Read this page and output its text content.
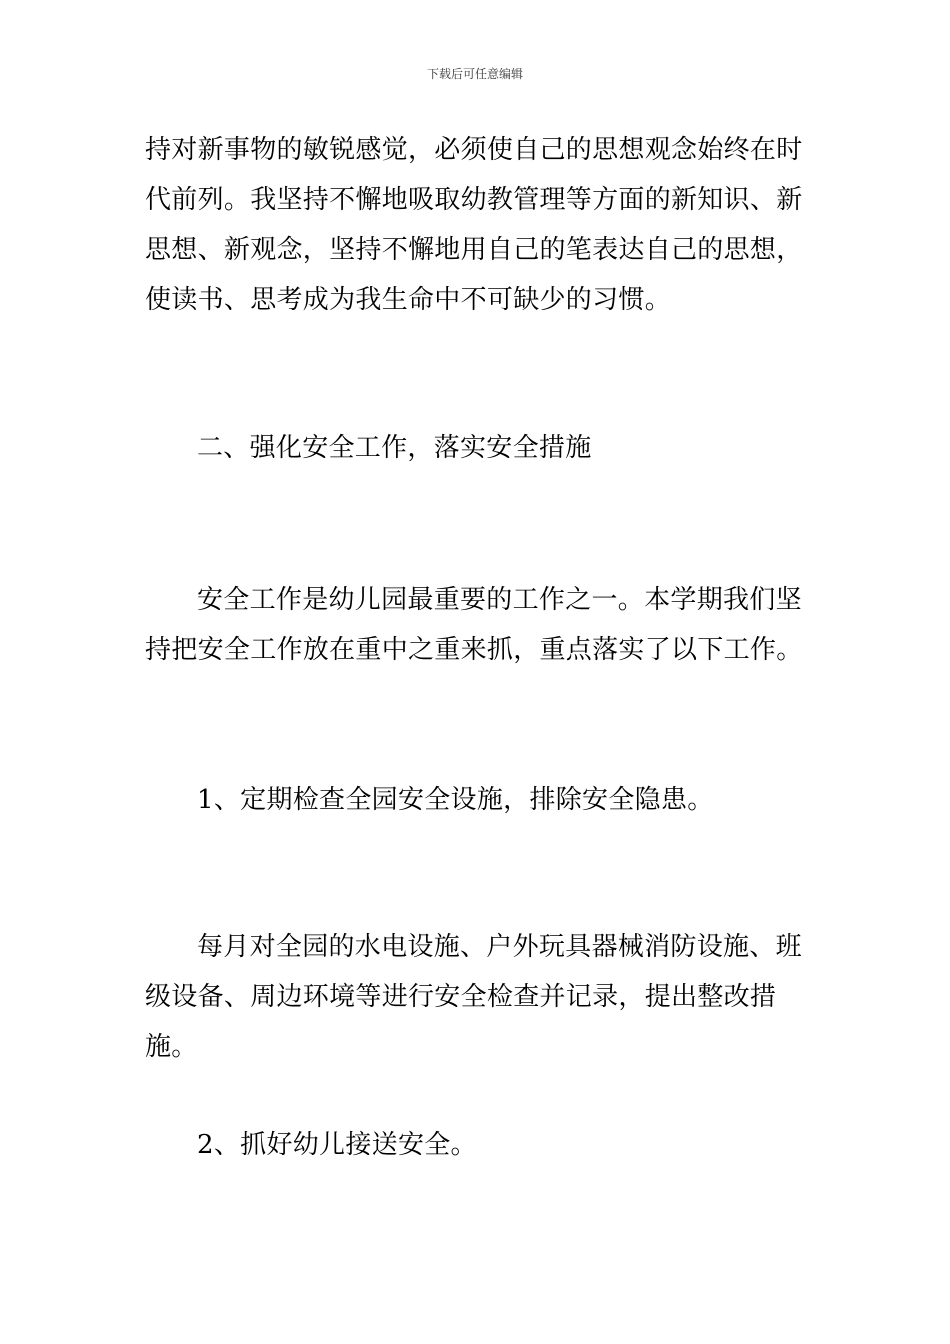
下载后可任意编辑

持对新事物的敏锐感觉，必须使自己的思想观念始终在时代前列。我坚持不懈地吸取幼教管理等方面的新知识、新思想、新观念，坚持不懈地用自己的笔表达自己的思想，使读书、思考成为我生命中不可缺少的习惯。

二、强化安全工作，落实安全措施

安全工作是幼儿园最重要的工作之一。本学期我们坚持把安全工作放在重中之重来抓，重点落实了以下工作。

1、定期检查全园安全设施，排除安全隐患。

每月对全园的水电设施、户外玩具器械消防设施、班级设备、周边环境等进行安全检查并记录，提出整改措施。

2、抓好幼儿接送安全。
